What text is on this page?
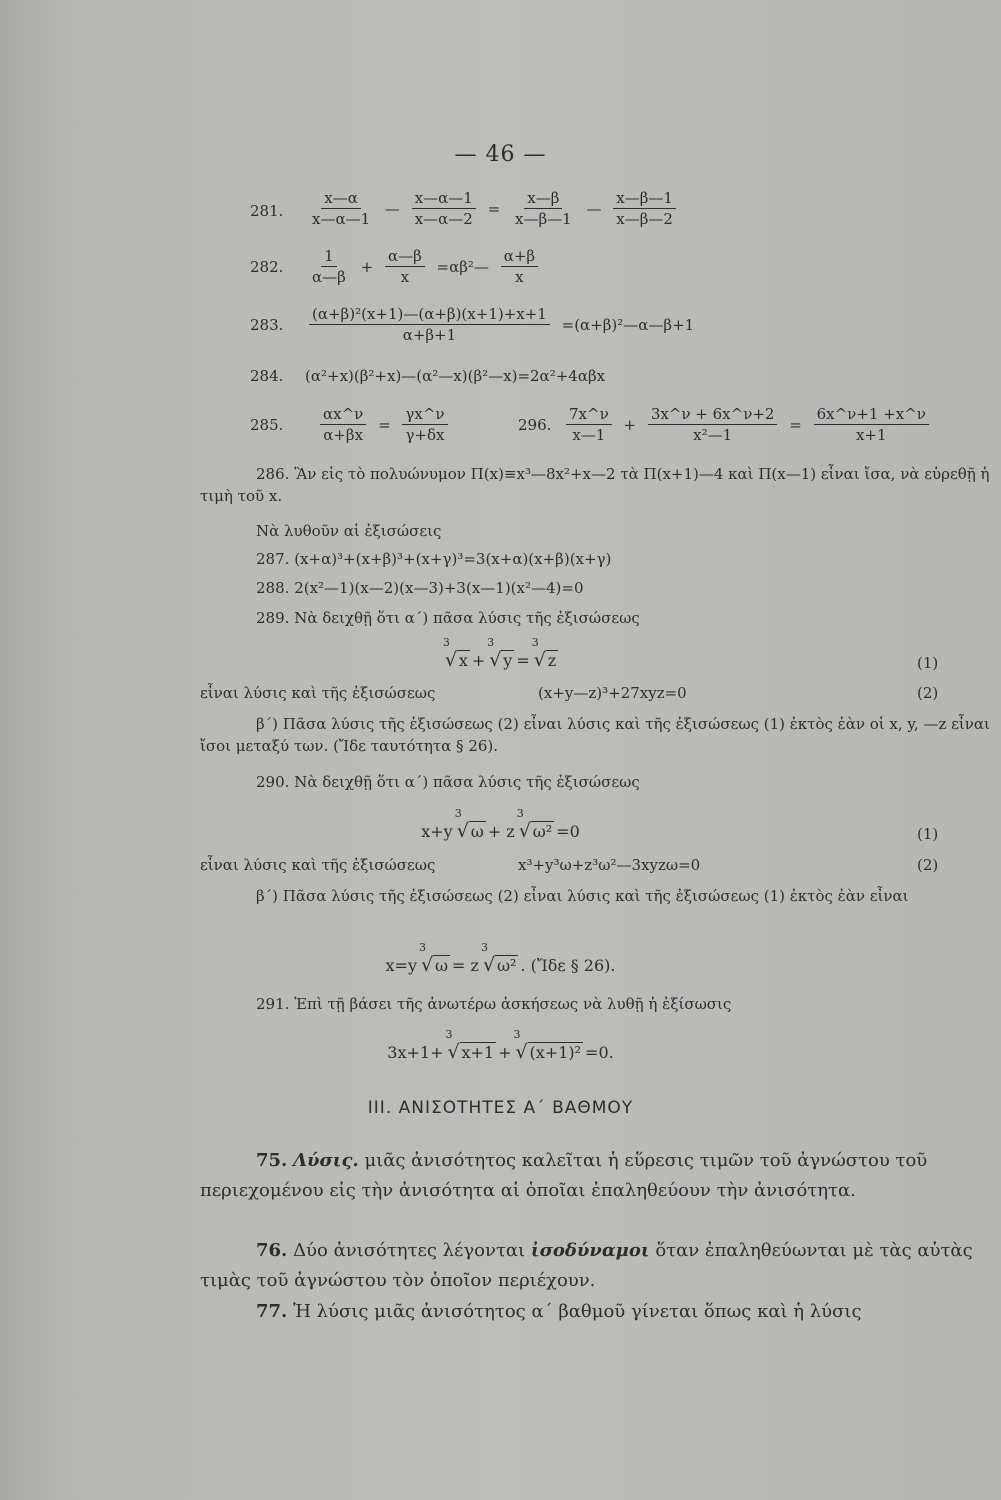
— 46 —
281. $\frac{x—\alpha}{x—\alpha—1}$ — $\frac{x—\alpha—1}{x—\alpha—2} = \frac{x—\beta}{x—\beta—1}$ — $\frac{x—\beta—1}{x—\beta—2}$
282. $\frac{1}{\alpha—\beta} + \frac{\alpha—\beta}{x}$ =αβ²— $\frac{\alpha+\beta}{x}$
283. $\frac{\text{(α+β)²(x+1)—(α+β)(x+1)+x+1}}{\alpha+\beta+1}$ =(α+β)²—α—β+1
284. (α²+x)(β²+x)—(α²—x)(β²—x)=2α²+4αβx
285. $\frac{\alpha x\^{}\nu}{\alpha+\beta x} = \frac{\gamma x\^{}\nu}{\gamma+\delta x}$	296. $\frac{7x\^{}\nu}{x—1} + \frac{3x\^{}\nu + 6x\^{}\nu+2}{\text{x²—1}} = \frac{6x\^{}\nu+1 +x\^{}\nu}{x+1}$
286. Ἂν εἰς τὸ πολυώνυμον Π(x)≡x³—8x²+x—2 τὰ Π(x+1)—4 καὶ Π(x—1) εἶναι ἴσα, νὰ εὑρεθῇ ἡ τιμὴ τοῦ x.
Νὰ λυθοῦν αἱ ἐξισώσεις
287. (x+α)³+(x+β)³+(x+γ)³=3(x+α)(x+β)(x+γ)
288. 2(x²—1)(x—2)(x—3)+3(x—1)(x²—4)=0
289. Νὰ δειχθῇ ὅτι α΄) πᾶσα λύσις τῆς ἐξισώσεως
3
√ x +
3
√ y =
3
√ z	(1)
εἶναι λύσις καὶ τῆς ἐξισώσεως	(x+y—z)³+27xyz=0	(2)
β΄) Πᾶσα λύσις τῆς ἐξισώσεως (2) εἶναι λύσις καὶ τῆς ἐξισώσεως (1) ἐκτὸς ἐὰν οἱ x, y, —z εἶναι ἴσοι μεταξύ των. (Ἴδε ταυτότητα § 26).
290. Νὰ δειχθῇ ὅτι α΄) πᾶσα λύσις τῆς ἐξισώσεως
x+y
3
√ ω + z
3
√ ω² =0	(1)
εἶναι λύσις καὶ τῆς ἐξισώσεως	x³+y³ω+z³ω²—3xyzω=0	(2)
β΄) Πᾶσα λύσις τῆς ἐξισώσεως (2) εἶναι λύσις καὶ τῆς ἐξισώσεως (1) ἐκτὸς ἐὰν εἶναι
x=y
3
√ ω = z
3
√ ω² . (Ἴδε § 26).
291. Ἐπὶ τῇ βάσει τῆς ἀνωτέρω ἀσκήσεως νὰ λυθῇ ἡ ἐξίσωσις
3x+1+
3
√ x+1 +
3
√ (x+1)² =0.
III. ΑΝΙΣΟΤΗΤΕΣ Α΄ ΒΑΘΜΟΥ
75. Λύσις. μιᾶς ἀνισότητος καλεῖται ἡ εὕρεσις τιμῶν τοῦ ἀγνώστου τοῦ περιεχομένου εἰς τὴν ἀνισότητα αἱ ὁποῖαι ἐπαληθεύουν τὴν ἀνισότητα.
76. Δύο ἀνισότητες λέγονται ἰσοδύναμοι ὅταν ἐπαληθεύωνται μὲ τὰς αὐτὰς τιμὰς τοῦ ἀγνώστου τὸν ὁποῖον περιέχουν.
77. Ἡ λύσις μιᾶς ἀνισότητος α΄ βαθμοῦ γίνεται ὅπως καὶ ἡ λύσις
